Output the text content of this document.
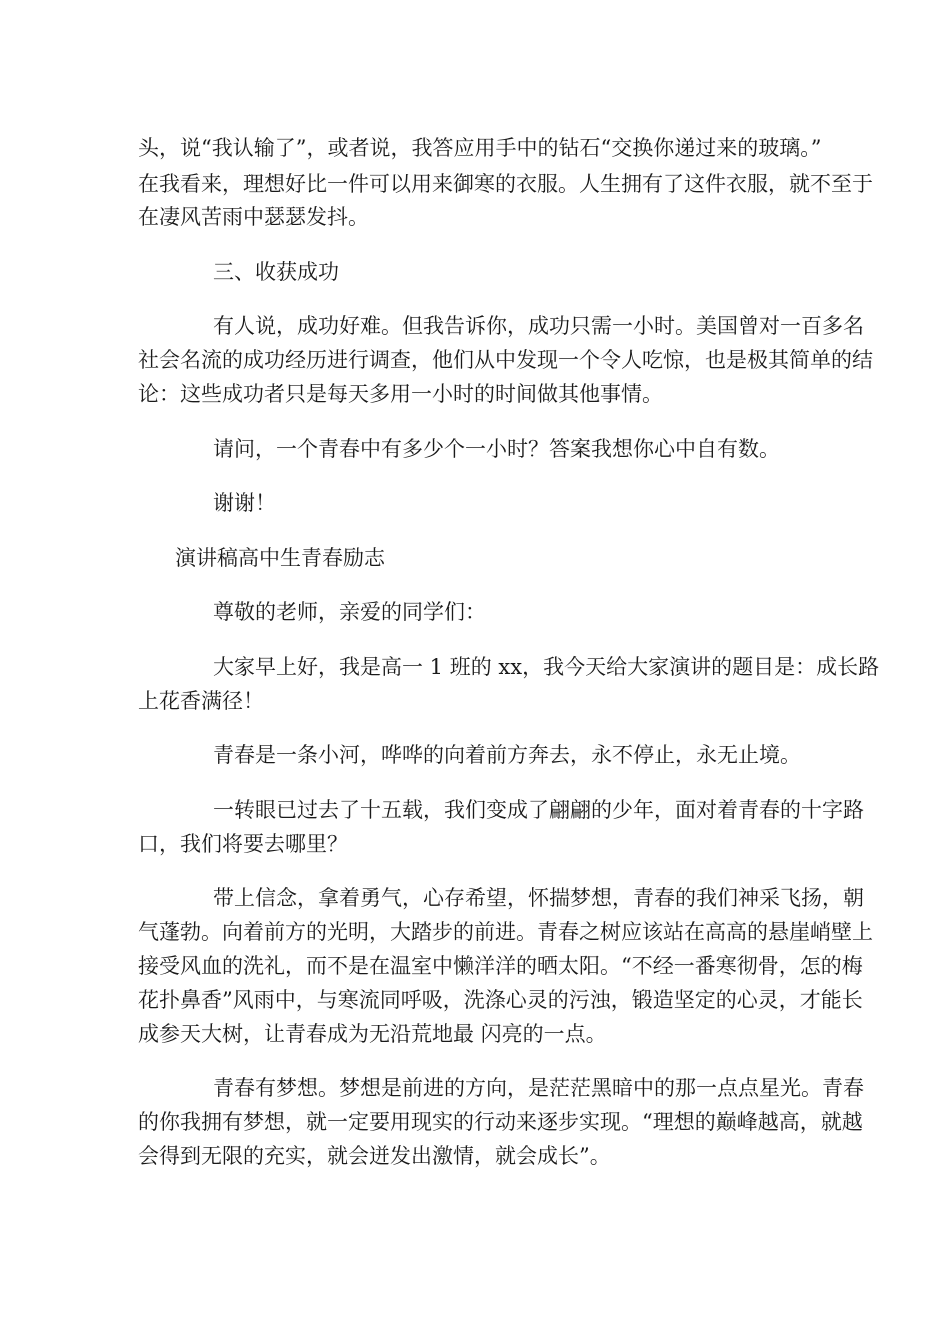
头，说“我认输了”，或者说，我答应用手中的钻石“交换你递过来的玻璃。”
在我看来，理想好比一件可以用来御寒的衣服。人生拥有了这件衣服，就不至于
在凄风苦雨中瑟瑟发抖。
三、收获成功
有人说，成功好难。但我告诉你，成功只需一小时。美国曾对一百多名
社会名流的成功经历进行调查，他们从中发现一个令人吃惊，也是极其简单的结
论：这些成功者只是每天多用一小时的时间做其他事情。
请问，一个青春中有多少个一小时？答案我想你心中自有数。
谢谢！
演讲稿高中生青春励志
尊敬的老师，亲爱的同学们：
大家早上好，我是高一 1 班的 xx，我今天给大家演讲的题目是：成长路
上花香满径！
青春是一条小河，哗哗的向着前方奔去，永不停止，永无止境。
一转眼已过去了十五载，我们变成了翩翩的少年，面对着青春的十字路
口，我们将要去哪里？
带上信念，拿着勇气，心存希望，怀揣梦想，青春的我们神采飞扬，朝
气蓬勃。向着前方的光明，大踏步的前进。青春之树应该站在高高的悬崖峭壁上
接受风血的洗礼，而不是在温室中懒洋洋的晒太阳。“不经一番寒彻骨，怎的梅
花扑鼻香”风雨中，与寒流同呼吸，洗涤心灵的污浊，锻造坚定的心灵，才能长
成参天大树，让青春成为无沿荒地最 闪亮的一点。
青春有梦想。梦想是前进的方向，是茫茫黑暗中的那一点点星光。青春
的你我拥有梦想，就一定要用现实的行动来逐步实现。“理想的巅峰越高，就越
会得到无限的充实，就会迸发出激情，就会成长”。
